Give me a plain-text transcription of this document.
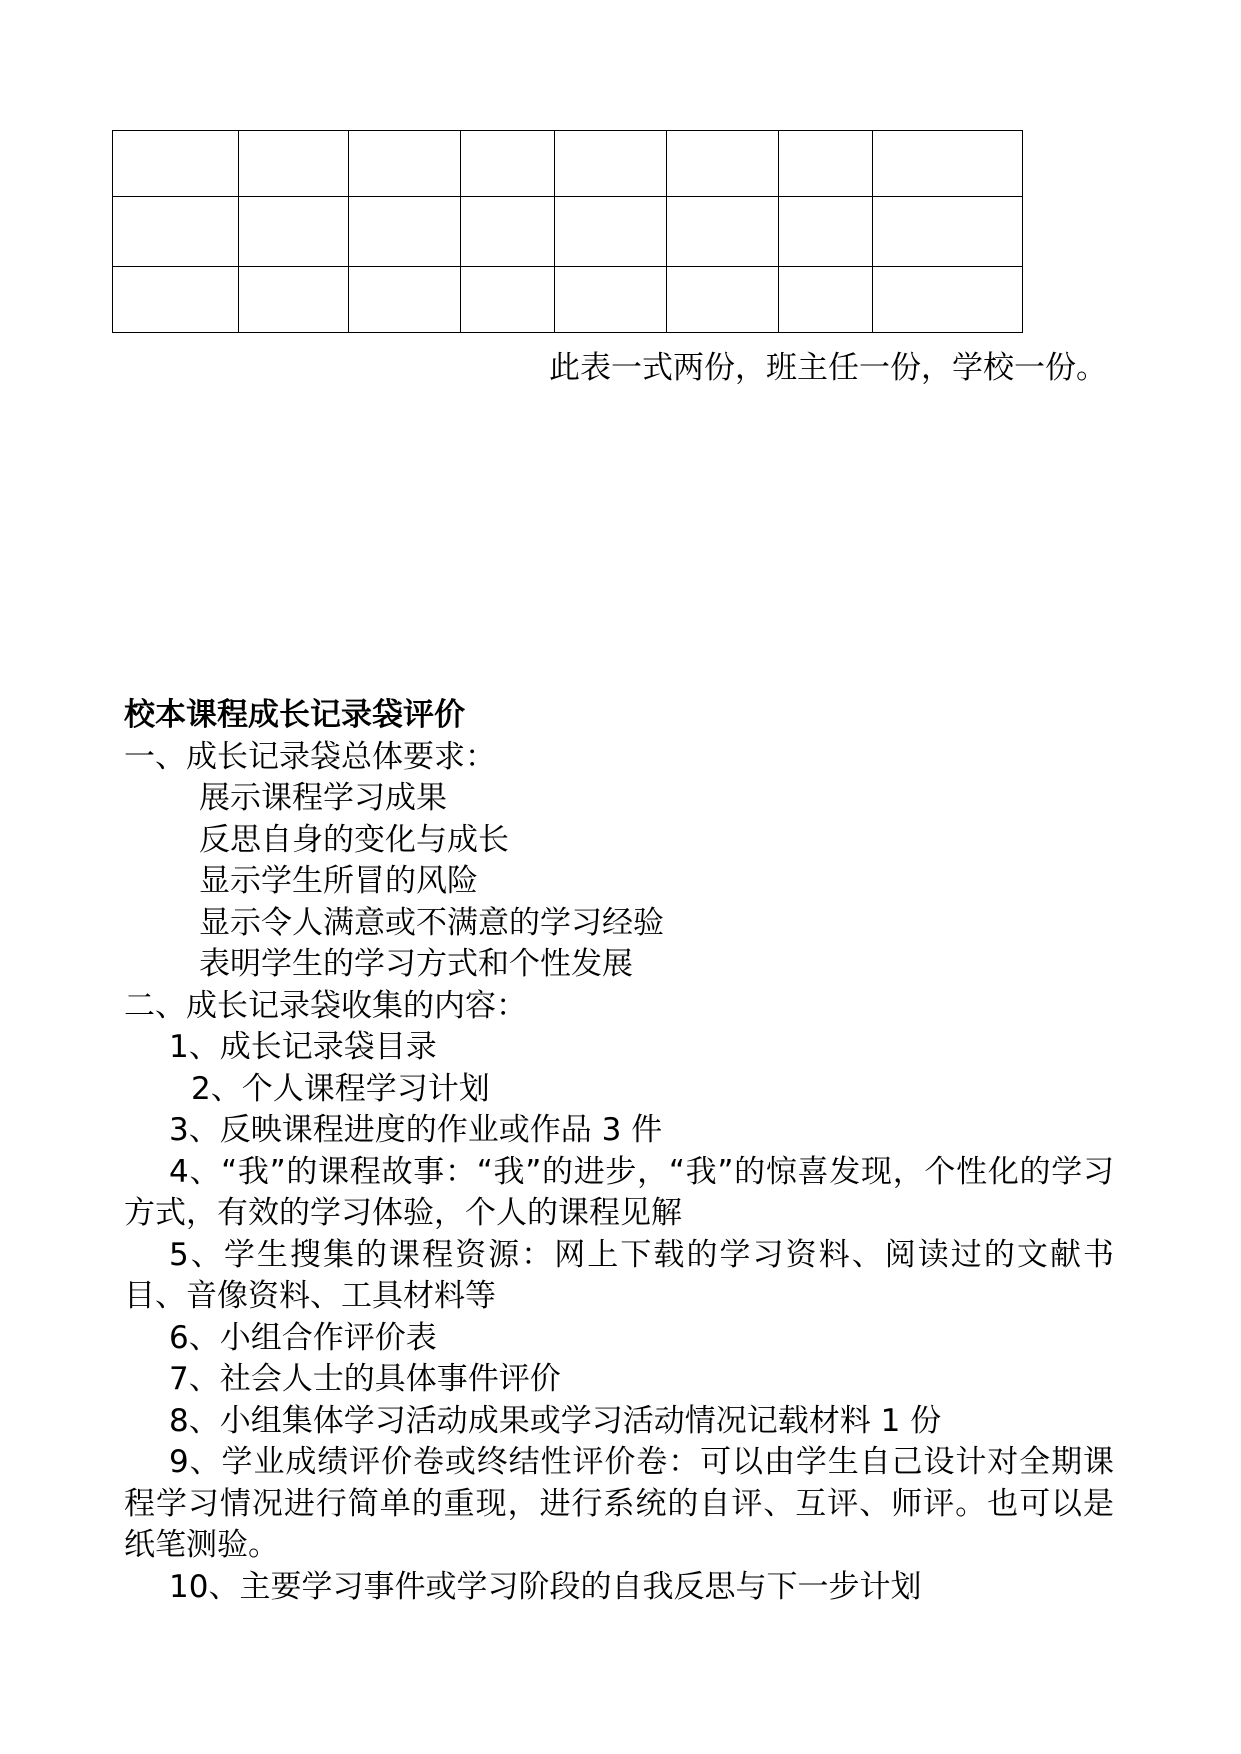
此表一式两份，班主任一份，学校一份。
校本课程成长记录袋评价
一、成长记录袋总体要求：
展示课程学习成果
反思自身的变化与成长
显示学生所冒的风险
显示令人满意或不满意的学习经验
表明学生的学习方式和个性发展
二、成长记录袋收集的内容：
1、成长记录袋目录
2、个人课程学习计划
3、反映课程进度的作业或作品 3 件
4、“我”的课程故事：“我”的进步，“我”的惊喜发现，个性化的学习方式，有效的学习体验，个人的课程见解
5、学生搜集的课程资源：网上下载的学习资料、阅读过的文献书目、音像资料、工具材料等
6、小组合作评价表
7、社会人士的具体事件评价
8、小组集体学习活动成果或学习活动情况记载材料 1 份
9、学业成绩评价卷或终结性评价卷：可以由学生自己设计对全期课程学习情况进行简单的重现，进行系统的自评、互评、师评。也可以是纸笔测验。
10、主要学习事件或学习阶段的自我反思与下一步计划
